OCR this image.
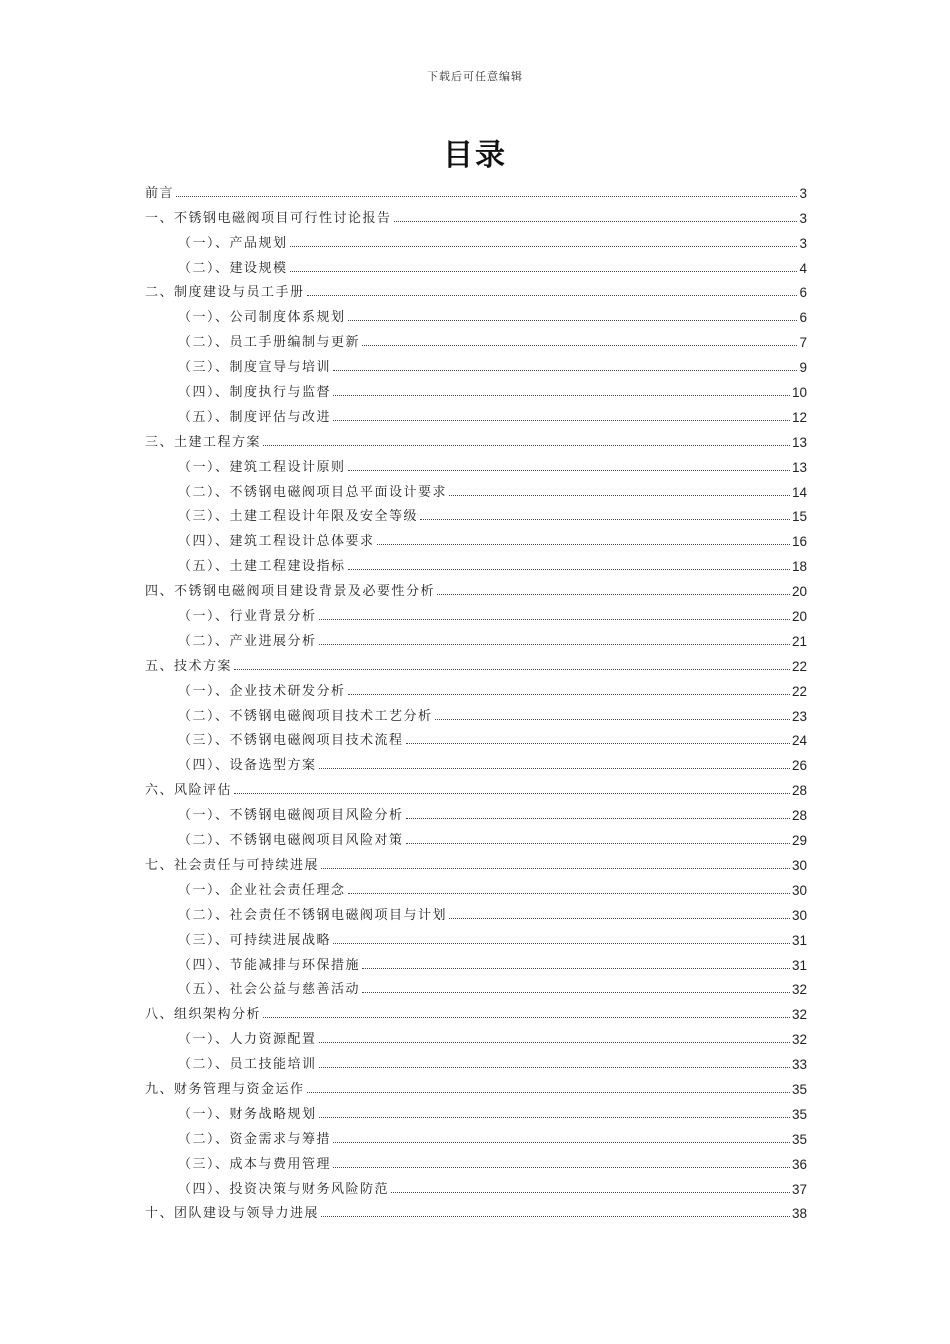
下载后可任意编辑
目录
前言	3
一、不锈钢电磁阀项目可行性讨论报告	3
（一）、产品规划	3
（二）、建设规模	4
二、制度建设与员工手册	6
（一）、公司制度体系规划	6
（二）、员工手册编制与更新	7
（三）、制度宣导与培训	9
（四）、制度执行与监督	10
（五）、制度评估与改进	12
三、土建工程方案	13
（一）、建筑工程设计原则	13
（二）、不锈钢电磁阀项目总平面设计要求	14
（三）、土建工程设计年限及安全等级	15
（四）、建筑工程设计总体要求	16
（五）、土建工程建设指标	18
四、不锈钢电磁阀项目建设背景及必要性分析	20
（一）、行业背景分析	20
（二）、产业进展分析	21
五、技术方案	22
（一）、企业技术研发分析	22
（二）、不锈钢电磁阀项目技术工艺分析	23
（三）、不锈钢电磁阀项目技术流程	24
（四）、设备选型方案	26
六、风险评估	28
（一）、不锈钢电磁阀项目风险分析	28
（二）、不锈钢电磁阀项目风险对策	29
七、社会责任与可持续进展	30
（一）、企业社会责任理念	30
（二）、社会责任不锈钢电磁阀项目与计划	30
（三）、可持续进展战略	31
（四）、节能减排与环保措施	31
（五）、社会公益与慈善活动	32
八、组织架构分析	32
（一）、人力资源配置	32
（二）、员工技能培训	33
九、财务管理与资金运作	35
（一）、财务战略规划	35
（二）、资金需求与筹措	35
（三）、成本与费用管理	36
（四）、投资决策与财务风险防范	37
十、团队建设与领导力进展	38
